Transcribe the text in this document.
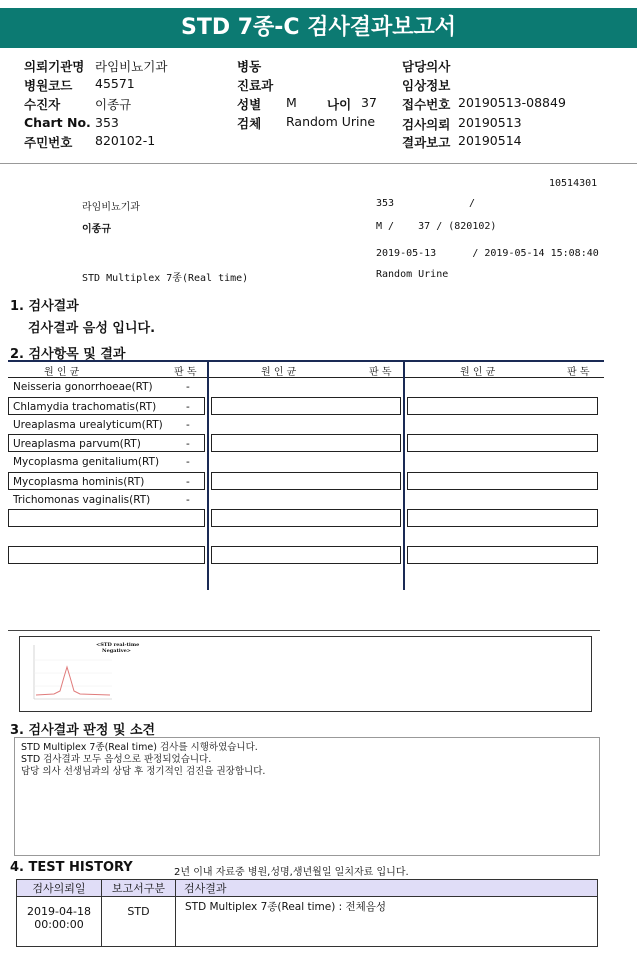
STD 7종-C 검사결과보고서
의뢰기관명 라임비뇨기과
병원코드 45571
수진자	이종규
Chart No. 353
주민번호 820102-1
병동
진료과
성별 M 나이 37
검체 Random Urine
담당의사
임상정보
접수번호 20190513-08849
검사의뢰 20190513
결과보고 20190514
10514301
라임비뇨기과	353	/
이종규	M /    37 / (820102)
2019-05-13      / 2019-05-14 15:08:40
STD Multiplex 7종(Real time)	Random Urine
1. 검사결과
검사결과 음성 입니다.
2. 검사항목 및 결과
원 인 균	판 독
Neisseria gonorrhoeae(RT)	-
Chlamydia trachomatis(RT)	-
Ureaplasma urealyticum(RT) -
Ureaplasma parvum(RT)	-
Mycoplasma genitalium(RT)	-
Mycoplasma hominis(RT)	-
Trichomonas vaginalis(RT)	-
원 인 균	판 독	원 인 균	판 독
<STD real-time
Negative>
3. 검사결과 판정 및 소견
STD Multiplex 7종(Real time) 검사를 시행하였습니다.
STD 검사결과 모두 음성으로 판정되었습니다.
담당 의사 선생님과의 상담 후 정기적인 검진을 권장합니다.
4. TEST HISTORY	2년 이내 자료중 병원,성명,생년월일 일치자료 입니다.
검사의뢰일	보고서구분	검사결과

2019-04-18
00:00:00	STD	STD Multiplex 7종(Real time) : 전체음성
